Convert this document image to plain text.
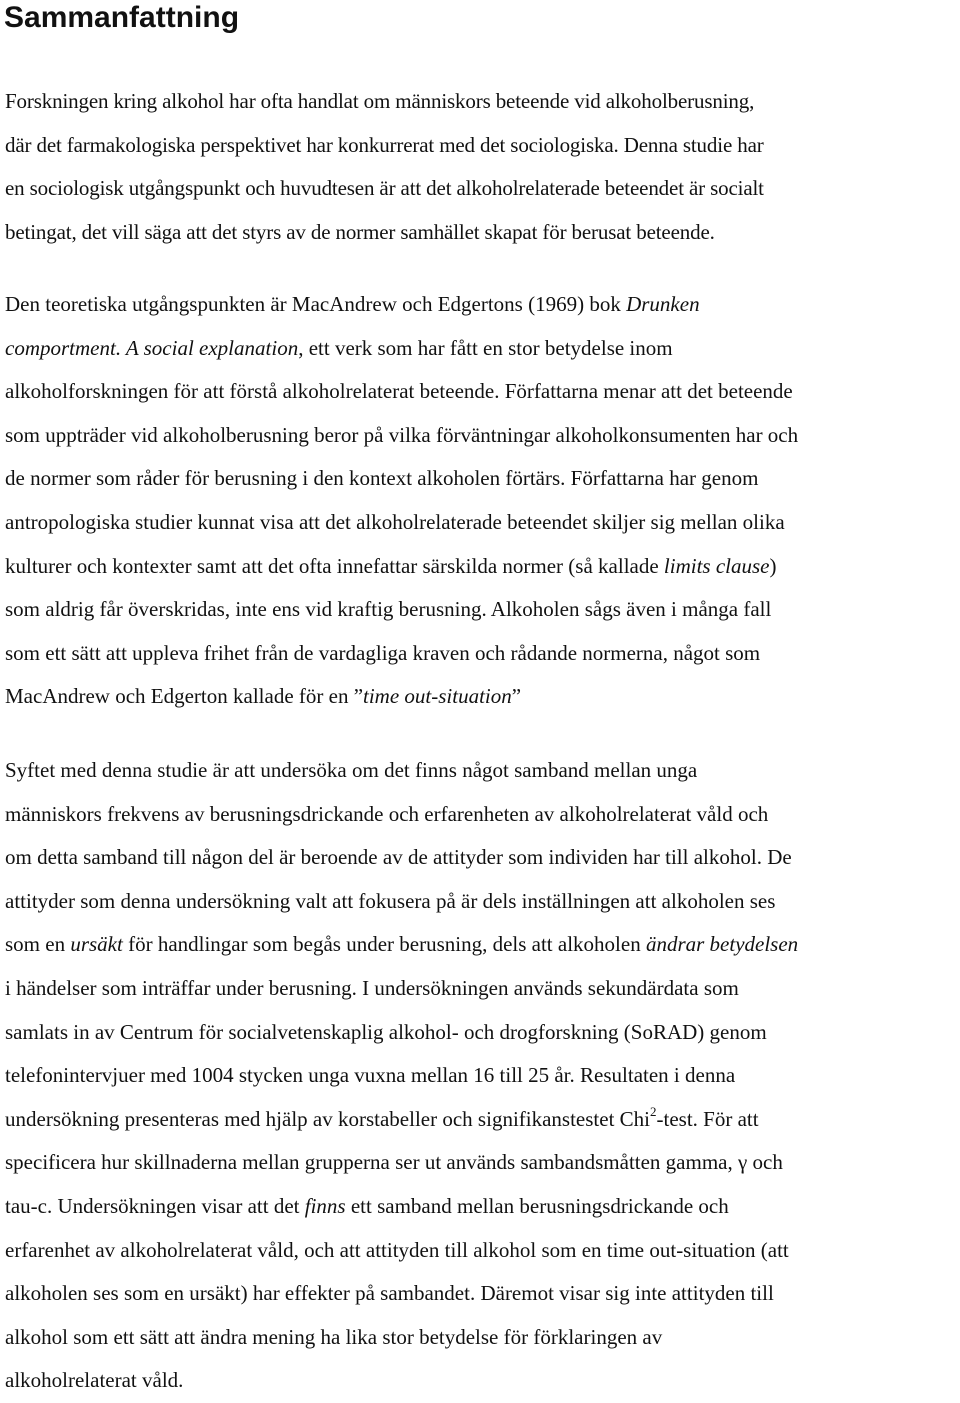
Sammanfattning
Forskningen kring alkohol har ofta handlat om människors beteende vid alkoholberusning,
där det farmakologiska perspektivet har konkurrerat med det sociologiska. Denna studie har
en sociologisk utgångspunkt och huvudtesen är att det alkoholrelaterade beteendet är socialt
betingat, det vill säga att det styrs av de normer samhället skapat för berusat beteende.
Den teoretiska utgångspunkten är MacAndrew och Edgertons (1969) bok Drunken
comportment. A social explanation, ett verk som har fått en stor betydelse inom
alkoholforskningen för att förstå alkoholrelaterat beteende. Författarna menar att det beteende
som uppträder vid alkoholberusning beror på vilka förväntningar alkoholkonsumenten har och
de normer som råder för berusning i den kontext alkoholen förtärs. Författarna har genom
antropologiska studier kunnat visa att det alkoholrelaterade beteendet skiljer sig mellan olika
kulturer och kontexter samt att det ofta innefattar särskilda normer (så kallade limits clause)
som aldrig får överskridas, inte ens vid kraftig berusning. Alkoholen sågs även i många fall
som ett sätt att uppleva frihet från de vardagliga kraven och rådande normerna, något som
MacAndrew och Edgerton kallade för en ”time out-situation”
Syftet med denna studie är att undersöka om det finns något samband mellan unga
människors frekvens av berusningsdrickande och erfarenheten av alkoholrelaterat våld och
om detta samband till någon del är beroende av de attityder som individen har till alkohol. De
attityder som denna undersökning valt att fokusera på är dels inställningen att alkoholen ses
som en ursäkt för handlingar som begås under berusning, dels att alkoholen ändrar betydelsen
i händelser som inträffar under berusning. I undersökningen används sekundärdata som
samlats in av Centrum för socialvetenskaplig alkohol- och drogforskning (SoRAD) genom
telefonintervjuer med 1004 stycken unga vuxna mellan 16 till 25 år. Resultaten i denna
undersökning presenteras med hjälp av korstabeller och signifikanstestet Chi$^2$-test. För att
specificera hur skillnaderna mellan grupperna ser ut används sambandsmåtten gamma, γ och
tau-c. Undersökningen visar att det finns ett samband mellan berusningsdrickande och
erfarenhet av alkoholrelaterat våld, och att attityden till alkohol som en time out-situation (att
alkoholen ses som en ursäkt) har effekter på sambandet. Däremot visar sig inte attityden till
alkohol som ett sätt att ändra mening ha lika stor betydelse för förklaringen av
alkoholrelaterat våld.
